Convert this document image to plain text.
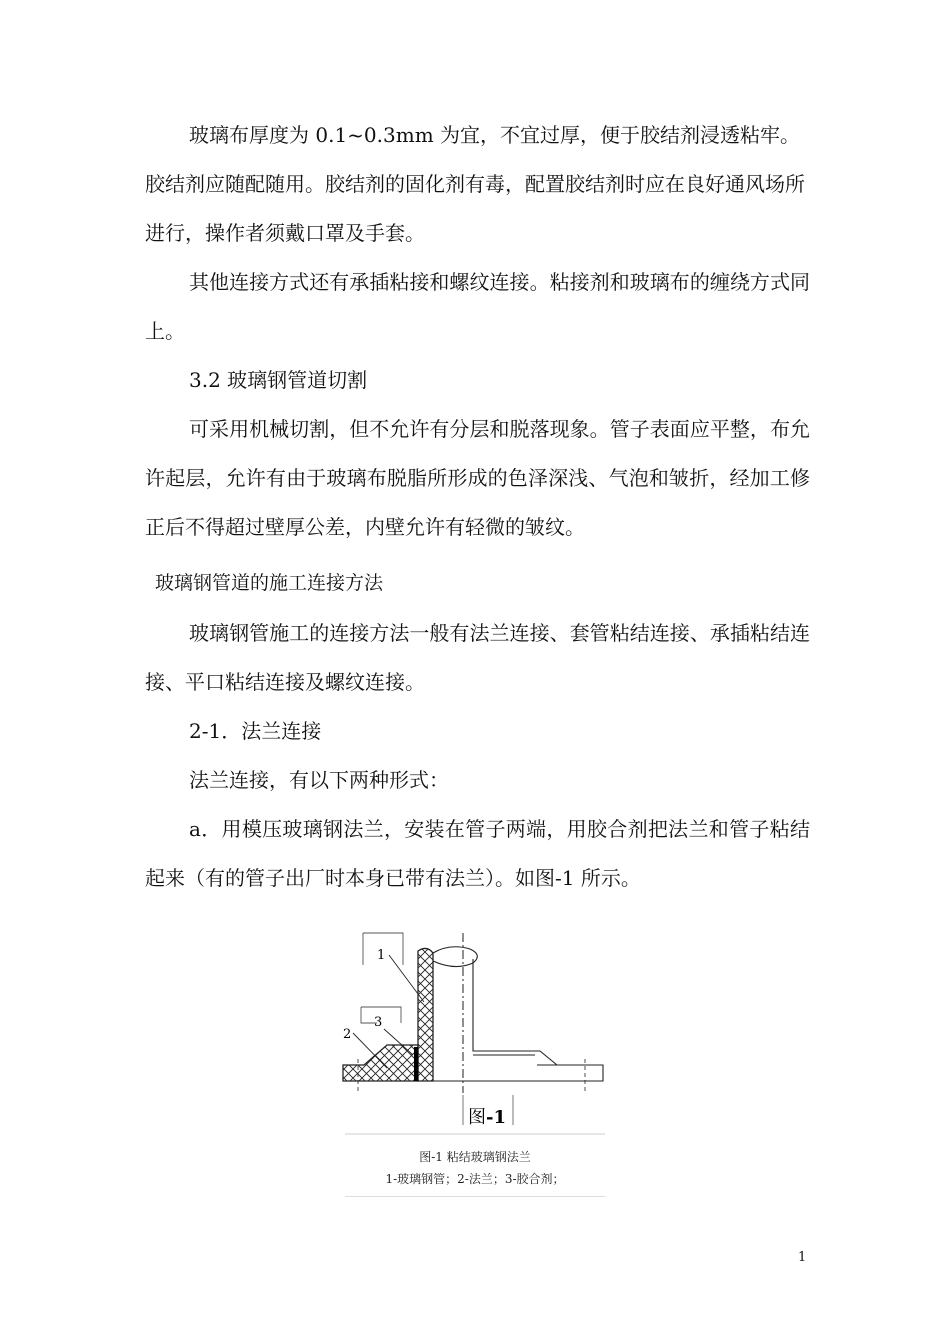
玻璃布厚度为 0.1~0.3mm 为宜，不宜过厚，便于胶结剂浸透粘牢。胶结剂应随配随用。胶结剂的固化剂有毒，配置胶结剂时应在良好通风场所进行，操作者须戴口罩及手套。

其他连接方式还有承插粘接和螺纹连接。粘接剂和玻璃布的缠绕方式同上。

3.2 玻璃钢管道切割

可采用机械切割，但不允许有分层和脱落现象。管子表面应平整，布允许起层，允许有由于玻璃布脱脂所形成的色泽深浅、气泡和皱折，经加工修正后不得超过壁厚公差，内壁允许有轻微的皱纹。

玻璃钢管道的施工连接方法

玻璃钢管施工的连接方法一般有法兰连接、套管粘结连接、承插粘结连接、平口粘结连接及螺纹连接。

2-1．法兰连接

法兰连接，有以下两种形式：

a．用模压玻璃钢法兰，安装在管子两端，用胶合剂把法兰和管子粘结起来（有的管子出厂时本身已带有法兰）。如图-1 所示。

1
2
3
图-1
图-1 粘结玻璃钢法兰
1-玻璃钢管；2-法兰；3-胶合剂；
1
